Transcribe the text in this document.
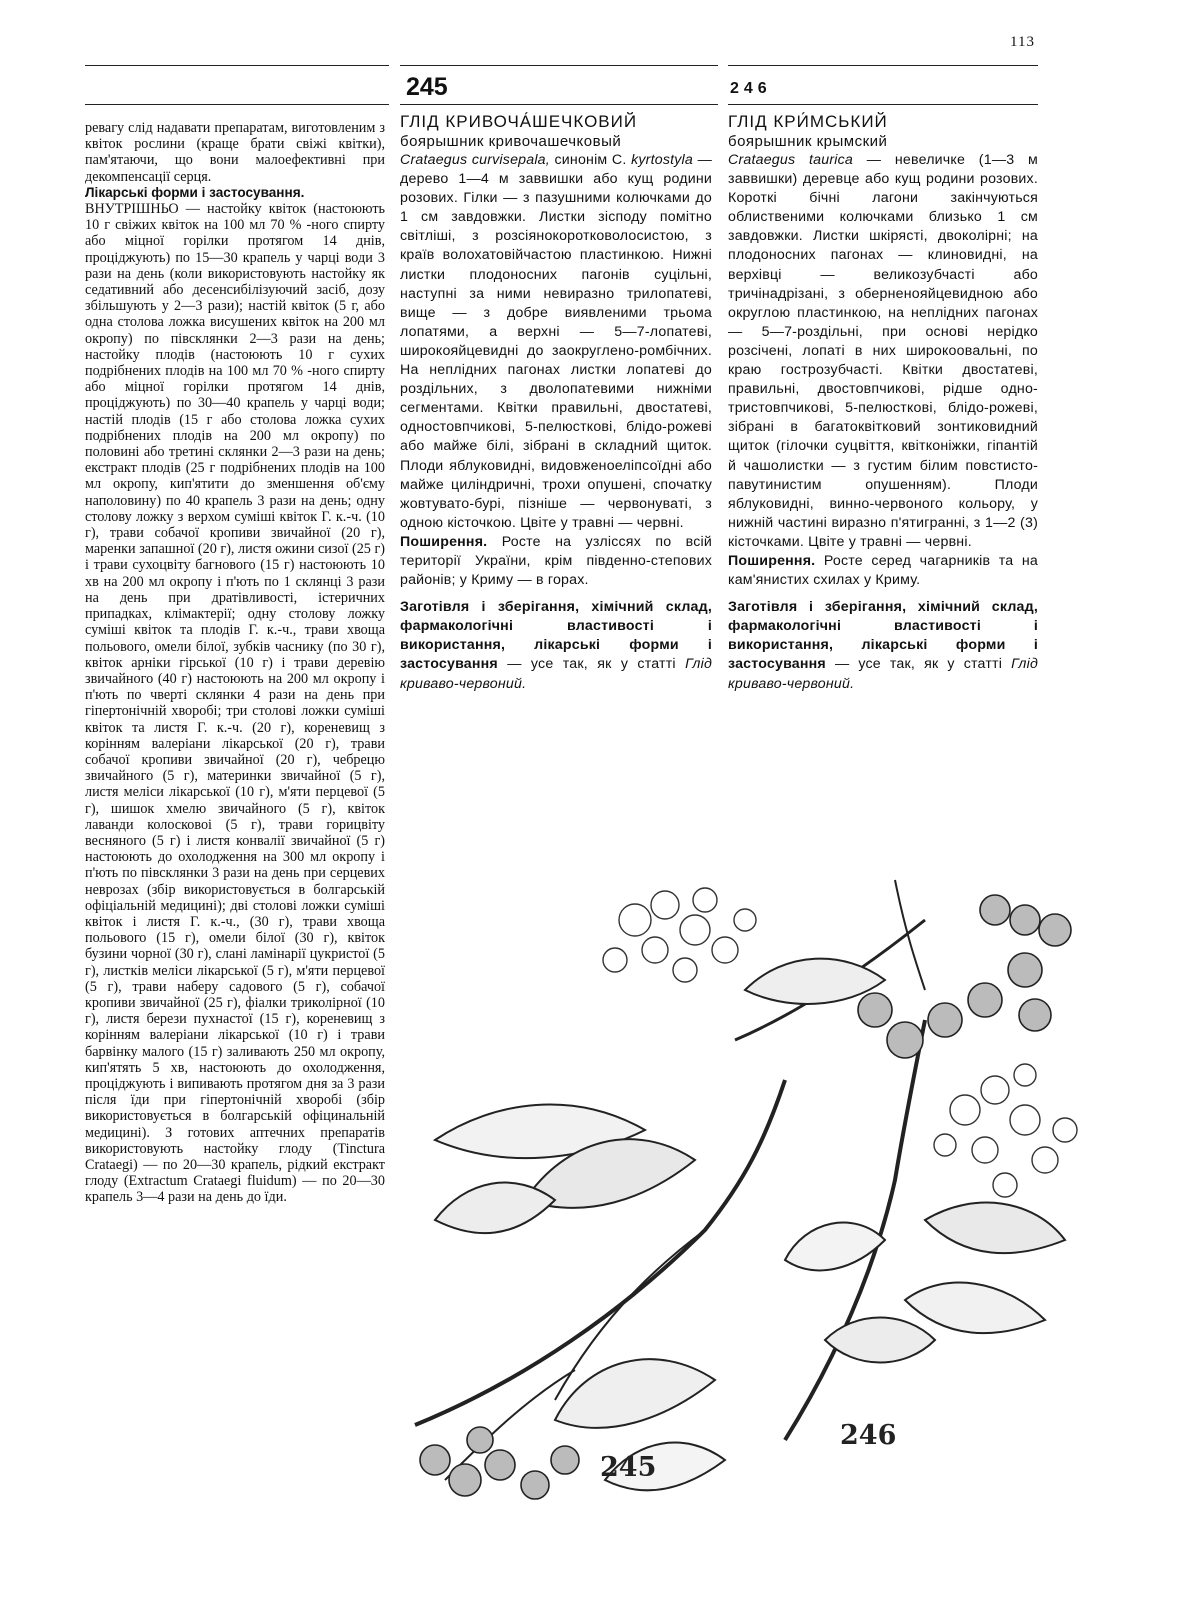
113
245	246

ревагу слід надавати препаратам, виготовленим з квіток рослини (краще брати свіжі квітки), пам'ятаючи, що вони малоефективні при декомпенсації серця.

Лікарські форми і застосування.

ВНУТРІШНЬО — настойку квіток (настоюють 10 г свіжих квіток на 100 мл 70 % -ного спирту або міцної горілки протягом 14 днів, проціджують) по 15—30 крапель у чарці води 3 рази на день (коли використовують настойку як седативний або десенсибілізуючий засіб, дозу збільшують у 2—3 рази); настій квіток (5 г, або одна столова ложка висушених квіток на 200 мл окропу) по півсклянки 2—3 рази на день; настойку плодів (настоюють 10 г сухих подрібнених плодів на 100 мл 70 % -ного спирту або міцної горілки протягом 14 днів, проціджують) по 30—40 крапель у чарці води; настій плодів (15 г або столова ложка сухих подрібнених плодів на 200 мл окропу) по половині або третині склянки 2—3 рази на день; екстракт плодів (25 г подрібнених плодів на 100 мл окропу, кип'ятити до зменшення об'єму наполовину) по 40 крапель 3 рази на день; одну столову ложку з верхом суміші квіток Г. к.-ч. (10 г), трави собачої кропиви звичайної (20 г), маренки запашної (20 г), листя ожини сизої (25 г) і трави сухоцвіту багнового (15 г) настоюють 10 хв на 200 мл окропу і п'ють по 1 склянці 3 рази на день при дратівливості, істеричних припадках, клімактерії; одну столову ложку суміші квіток та плодів Г. к.-ч., трави хвоща польового, омели білої, зубків часнику (по 30 г), квіток арніки гірської (10 г) і трави деревію звичайного (40 г) настоюють на 200 мл окропу і п'ють по чверті склянки 4 рази на день при гіпертонічній хворобі; три столові ложки суміші квіток та листя Г. к.-ч. (20 г), кореневищ з корінням валеріани лікарської (20 г), трави собачої кропиви звичайної (20 г), чебрецю звичайного (5 г), материнки звичайної (5 г), листя меліси лікарської (10 г), м'яти перцевої (5 г), шишок хмелю звичайного (5 г), квіток лаванди колосковоі (5 г), трави горицвіту весняного (5 г) і листя конвалії звичайної (5 г) настоюють до охолодження на 300 мл окропу і п'ють по півсклянки 3 рази на день при серцевих неврозах (збір використовується в болгарській офіціальній медицині); дві столові ложки суміші квіток і листя Г. к.-ч., (30 г), трави хвоща польового (15 г), омели білої (30 г), квіток бузини чорної (30 г), слані ламінарії цукристої (5 г), листків меліси лікарської (5 г), м'яти перцевої (5 г), трави наберу садового (5 г), собачої кропиви звичайної (25 г), фіалки триколірної (10 г), листя берези пухнастої (15 г), кореневищ з корінням валеріани лікарської (10 г) і трави барвінку малого (15 г) заливають 250 мл окропу, кип'ятять 5 хв, настоюють до охолодження, проціджують і випивають протягом дня за 3 рази після їди при гіпертонічній хворобі (збір використовується в болгарській офіцинальній медицині). З готових аптечних препаратів використовують настойку глоду (Tinctura Crataegi) — по 20—30 крапель, рідкий екстракт глоду (Extractum Crataegi fluidum) — по 20—30 крапель 3—4 рази на день до їди.

ГЛІД КРИВОЧА́ШЕЧКОВИЙ
боярышник кривочашечковый

Crataegus curvisepala, синонім С. kyrtostyla — дерево 1—4 м заввишки або кущ родини розових. Гілки — з пазушними колючками до 1 см завдовжки. Листки зісподу помітно світліші, з розсіянокоротковолосистою, з країв волохатовійчастою пластинкою. Нижні листки плодоносних пагонів суцільні, наступні за ними невиразно трилопатеві, вище — з добре виявленими трьома лопатями, а верхні — 5—7-лопатеві, широкояйцевидні до заокруглено-ромбічних. На неплідних пагонах листки лопатеві до роздільних, з дволопатевими нижніми сегментами. Квітки правильні, двостатеві, одностовпчикові, 5-пелюсткові, блідо-рожеві або майже білі, зібрані в складний щиток. Плоди яблуковидні, видовженоеліпсоїдні або майже циліндричні, трохи опушені, спочатку жовтувато-бурі, пізніше — червонуваті, з одною кісточкою. Цвіте у травні — червні.

Поширення. Росте на узліссях по всій території України, крім південно-степових районів; у Криму — в горах.

Заготівля і зберігання, хімічний склад, фармакологічні властивості і використання, лікарські форми і застосування — усе так, як у статті Глід криваво-червоний.

ГЛІД КРИ́МСЬКИЙ
боярышник крымский

Crataegus taurica — невеличке (1—3 м заввишки) деревце або кущ родини розових. Короткі бічні лагони закінчуються облиственими колючками близько 1 см завдовжки. Листки шкірясті, двоколірні; на плодоносних пагонах — клиновидні, на верхівці — великозубчасті або тричінадрізані, з оберненояйцевидною або округлою пластинкою, на неплідних пагонах — 5—7-роздільні, при основі нерідко розсічені, лопаті в них широкоовальні, по краю гострозубчасті. Квітки двостатеві, правильні, двостовпчикові, рідше одно-тристовпчикові, 5-пелюсткові, блідо-рожеві, зібрані в багатоквітковий зонтиковидний щиток (гілочки суцвіття, квітконіжки, гіпантій й чашолистки — з густим білим повстисто-павутинистим опушенням). Плоди яблуковидні, винно-червоного кольору, у нижній частині виразно п'ятигранні, з 1—2 (3) кісточками. Цвіте у травні — червні.

Поширення. Росте серед чагарників та на кам'янистих схилах у Криму.

Заготівля і зберігання, хімічний склад, фармакологічні властивості і використання, лікарські форми і застосування — усе так, як у статті Глід криваво-червоний.

245
246
